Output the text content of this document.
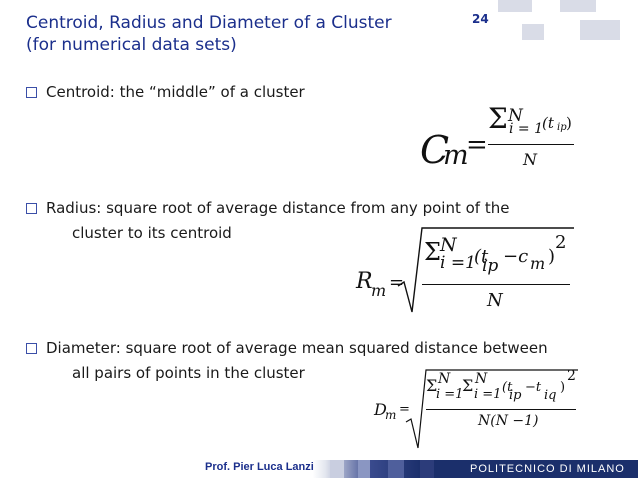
Centroid, Radius and Diameter of a Cluster
(for numerical data sets)
24
Centroid: the “middle” of a cluster
C
m
=
Σ N
i = 1
(t ip )
N
Radius: square root of average distance from any point of the
cluster to its centroid
R
m =
Σ N
i =1
(t
ip −c m )
2
N
Diameter: square root of average mean squared distance between
all pairs of points in the cluster
D
m =
Σ N
i =1
Σ N
i =1 (t
ip
−t
iq
)
2
N(N −1)
Prof. Pier Luca Lanzi	POLITECNICO DI MILANO
